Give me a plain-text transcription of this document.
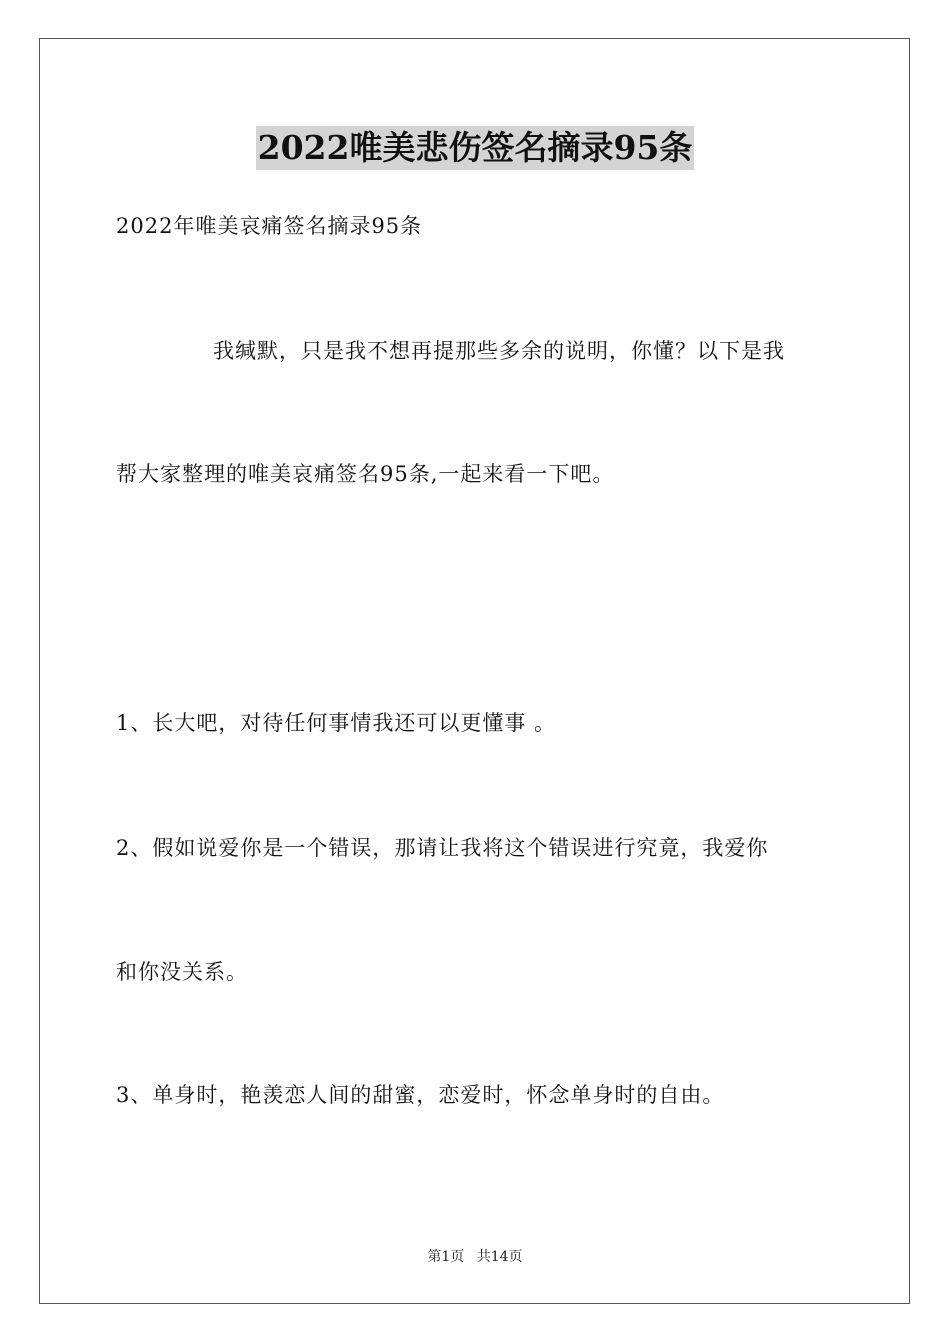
2022唯美悲伤签名摘录95条
2022年唯美哀痛签名摘录95条
我缄默，只是我不想再提那些多余的说明，你懂？以下是我
帮大家整理的唯美哀痛签名95条,一起来看一下吧。
1、长大吧，对待任何事情我还可以更懂事 。
2、假如说爱你是一个错误，那请让我将这个错误进行究竟，我爱你
和你没关系。
3、单身时，艳羡恋人间的甜蜜，恋爱时，怀念单身时的自由。
第1页 共14页
